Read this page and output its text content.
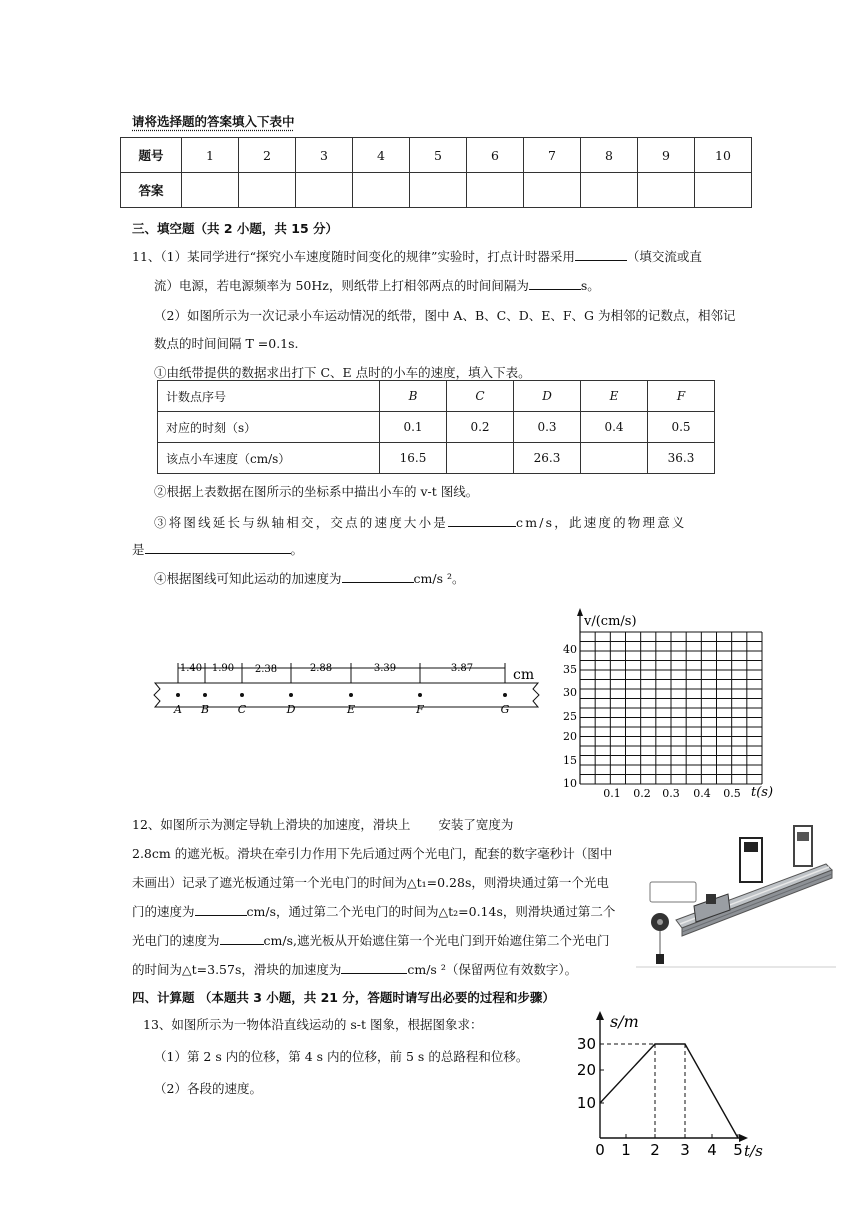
请将选择题的答案填入下表中
题号	1	2	3	4	5	6	7	8	9	10
答案										
三、填空题（共 2 小题，共 15 分）
11、（1）某同学进行“探究小车速度随时间变化的规律”实验时，打点计时器采用	（填交流或直
流）电源，若电源频率为 50Hz，则纸带上打相邻两点的时间间隔为	s。
（2）如图所示为一次记录小车运动情况的纸带，图中 A、B、C、D、E、F、G 为相邻的记数点，相邻记
数点的时间间隔 T =0.1s.
①由纸带提供的数据求出打下 C、E 点时的小车的速度，填入下表。
计数点序号	B	C	D	E	F
对应的时刻（s）	0.1	0.2	0.3	0.4	0.5
该点小车速度（cm/s）	16.5		26.3		36.3
②根据上表数据在图所示的坐标系中描出小车的 v-t 图线。
③将图线延长与纵轴相交，交点的速度大小是	cm/s，此速度的物理意义
是	。
④根据图线可知此运动的加速度为	cm/s ²。
1.40 1.90 2.38	2.88	3.39	3.87	cm
A B	C	D	E	F	G
v/(cm/s)
t(s)
10
15
20
25
30
35
40
0.1 0.2 0.3 0.4 0.5
12、如图所示为测定导轨上滑块的加速度，滑块上 安装了宽度为
2.8cm 的遮光板。滑块在牵引力作用下先后通过两个光电门，配套的数字毫秒计（图中
未画出）记录了遮光板通过第一个光电门的时间为△t₁=0.28s，则滑块通过第一个光电
门的速度为	cm/s，通过第二个光电门的时间为△t₂=0.14s，则滑块通过第二个
光电门的速度为	cm/s,遮光板从开始遮住第一个光电门到开始遮住第二个光电门
的时间为△t=3.57s，滑块的加速度为	cm/s ²（保留两位有效数字）。
四、计算题 （本题共 3 小题，共 21 分，答题时请写出必要的过程和步骤）
13、如图所示为一物体沿直线运动的 s-t 图象，根据图象求：
（1）第 2 s 内的位移，第 4 s 内的位移，前 5 s 的总路程和位移。
（2）各段的速度。
s/m
t/s
10
20
30
0 1 2 3 4 5
